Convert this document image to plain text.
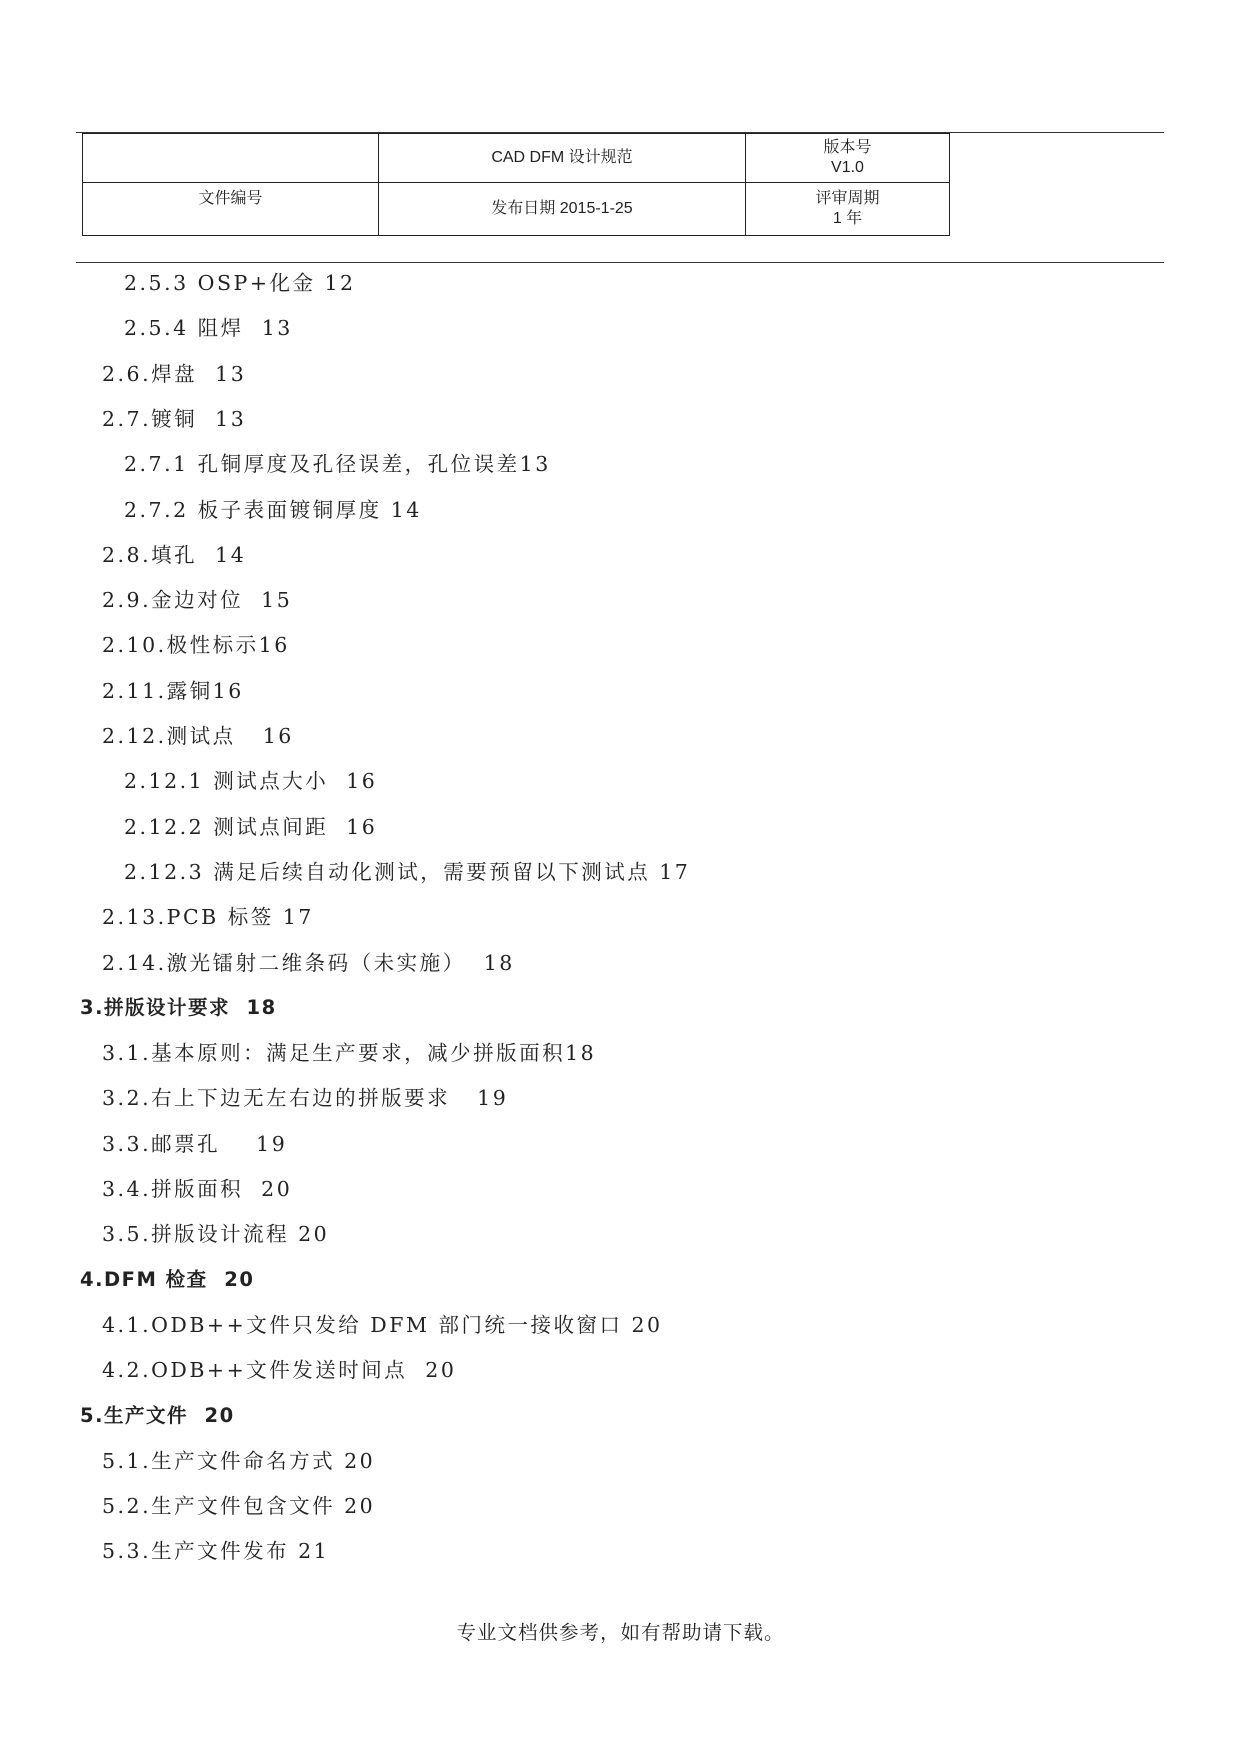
	CAD DFM 设计规范	版本号
V1.0

文件编号	发布日期 2015-1-25	评审周期
1 年
2.5.3 OSP+化金 12
2.5.4 阻焊  13
2.6.焊盘  13
2.7.镀铜  13
2.7.1 孔铜厚度及孔径误差，孔位误差13
2.7.2 板子表面镀铜厚度 14
2.8.填孔  14
2.9.金边对位  15
2.10.极性标示16
2.11.露铜16
2.12.测试点   16
2.12.1 测试点大小  16
2.12.2 测试点间距  16
2.12.3 满足后续自动化测试，需要预留以下测试点 17
2.13.PCB 标签 17
2.14.激光镭射二维条码（未实施）  18
3.拼版设计要求  18
3.1.基本原则：满足生产要求，减少拼版面积18
3.2.右上下边无左右边的拼版要求   19
3.3.邮票孔    19
3.4.拼版面积  20
3.5.拼版设计流程 20
4.DFM 检查  20
4.1.ODB++文件只发给 DFM 部门统一接收窗口 20
4.2.ODB++文件发送时间点  20
5.生产文件  20
5.1.生产文件命名方式 20
5.2.生产文件包含文件 20
5.3.生产文件发布 21
专业文档供参考，如有帮助请下载。
